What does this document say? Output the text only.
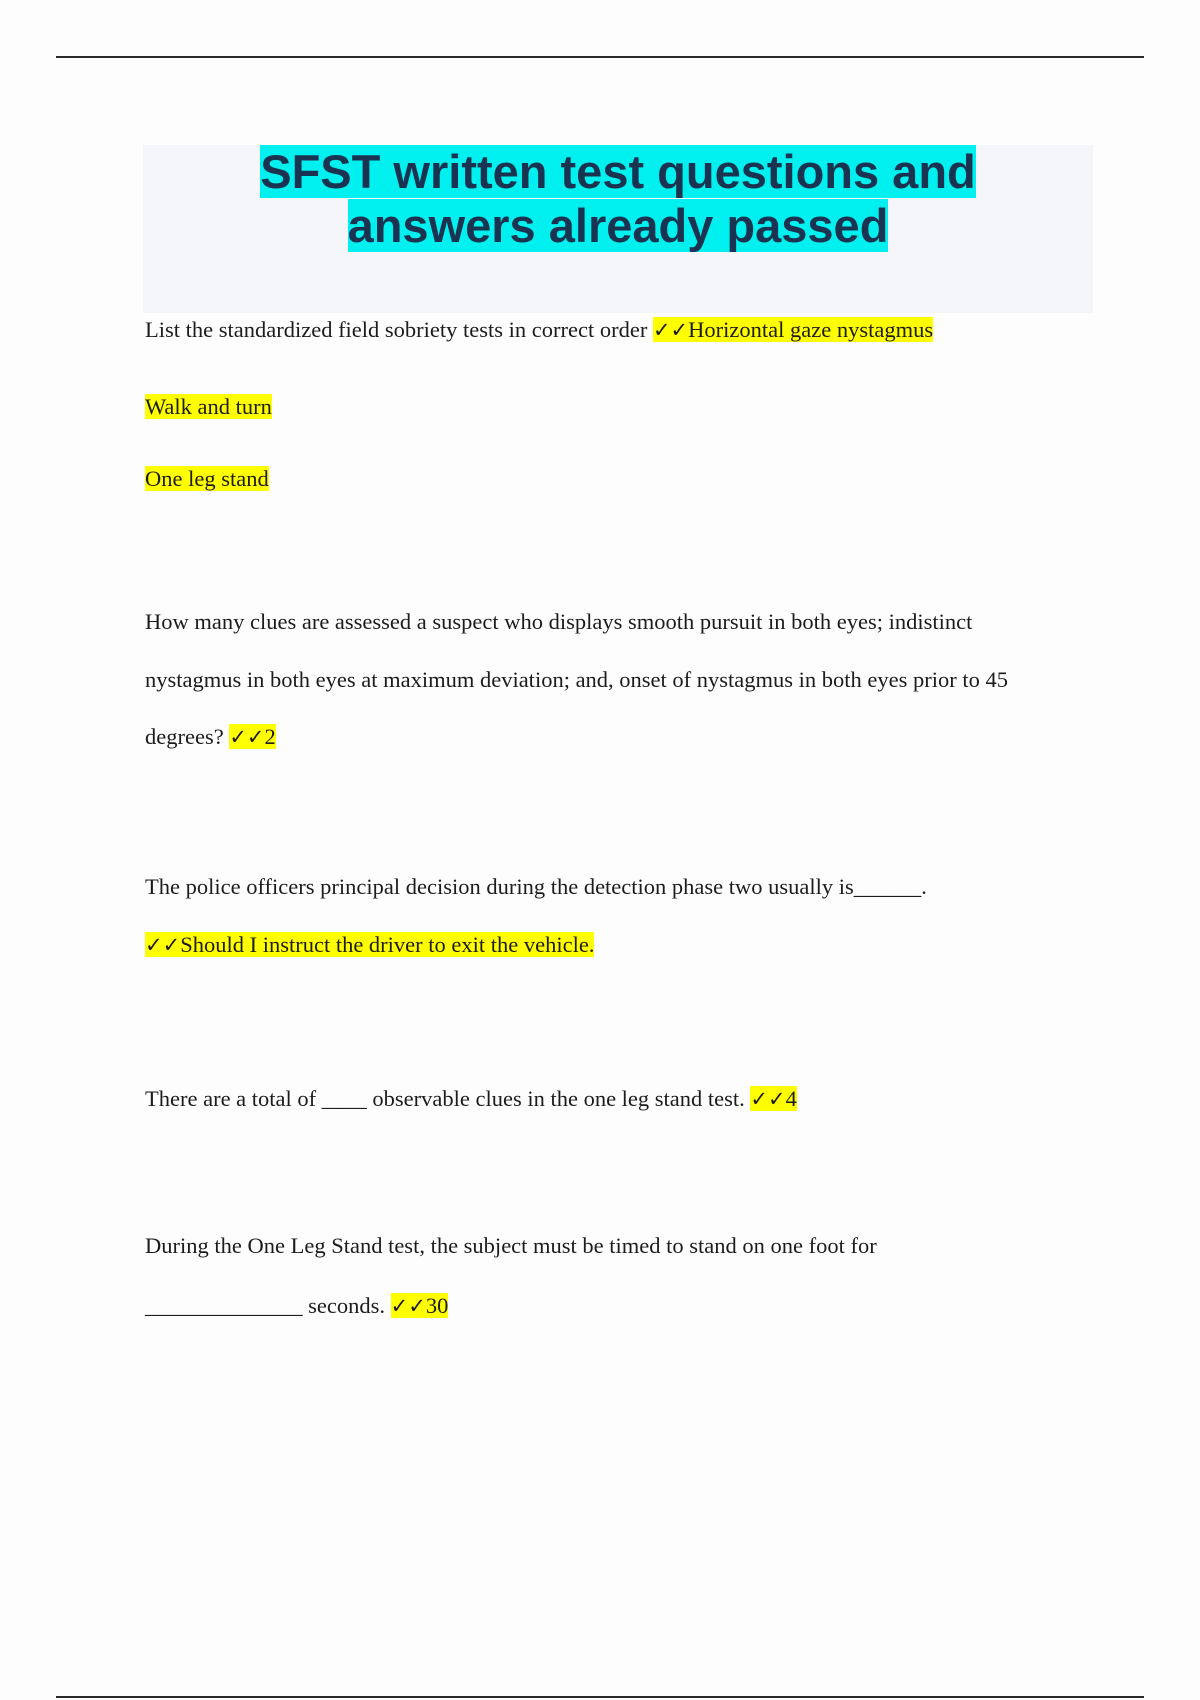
SFST written test questions and
answers already passed
List the standardized field sobriety tests in correct order ✓✓Horizontal gaze nystagmus
Walk and turn
One leg stand
How many clues are assessed a suspect who displays smooth pursuit in both eyes; indistinct
nystagmus in both eyes at maximum deviation; and, onset of nystagmus in both eyes prior to 45
degrees? ✓✓2
The police officers principal decision during the detection phase two usually is______.
✓✓Should I instruct the driver to exit the vehicle.
There are a total of ____ observable clues in the one leg stand test. ✓✓4
During the One Leg Stand test, the subject must be timed to stand on one foot for
______________ seconds. ✓✓30
